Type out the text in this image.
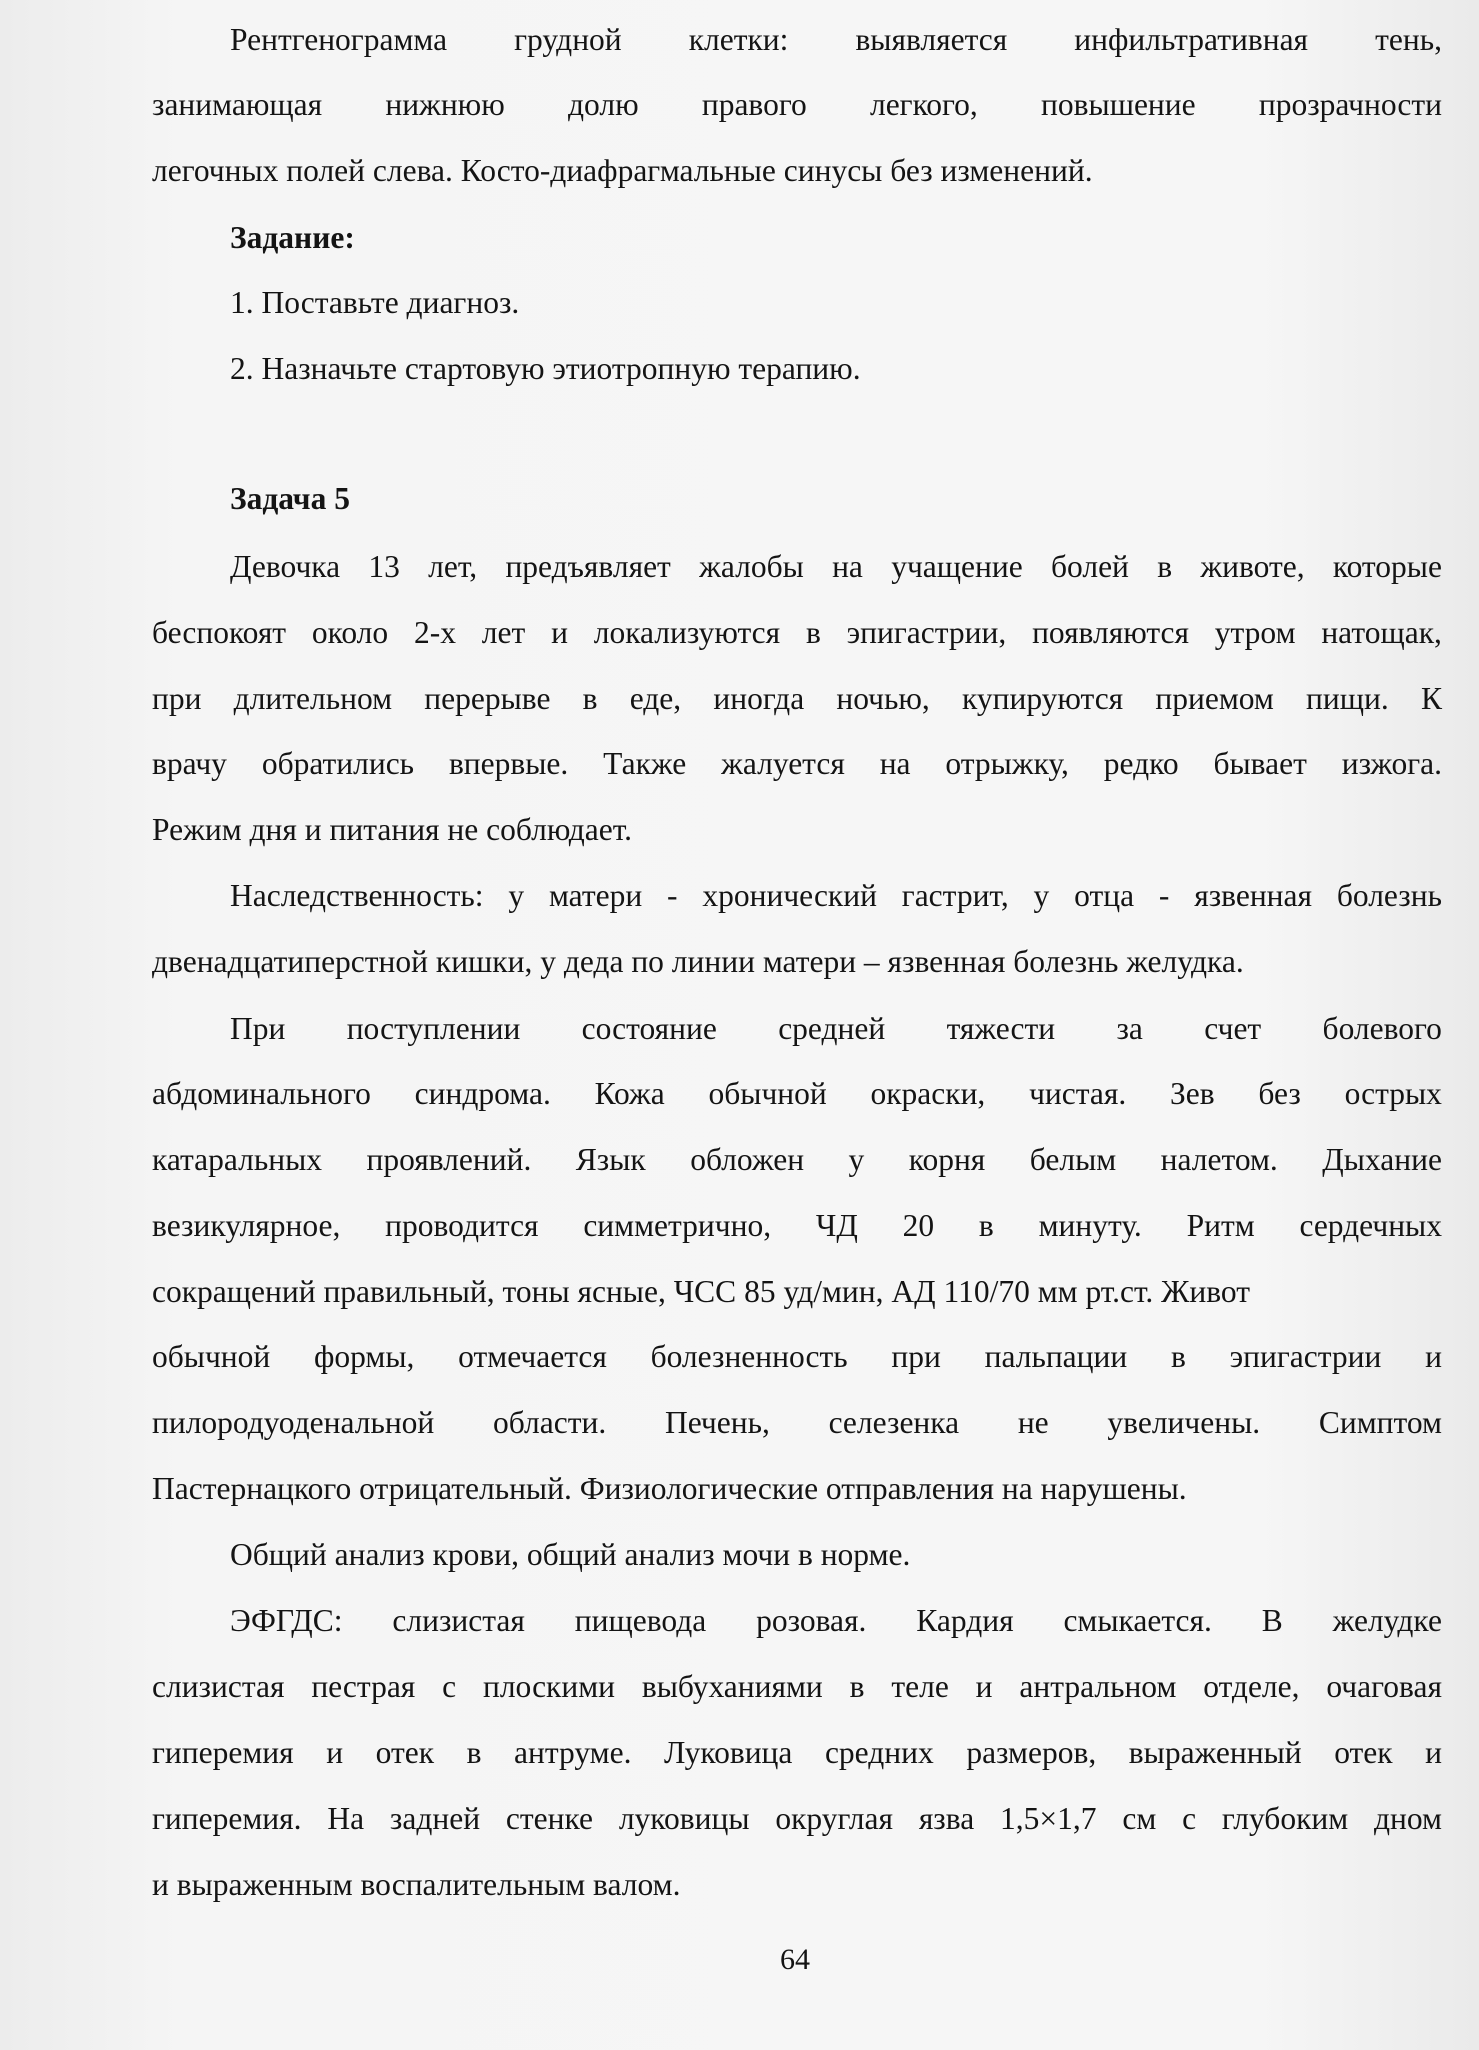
Рентгенограмма грудной клетки: выявляется инфильтративная тень,
занимающая нижнюю долю правого легкого, повышение прозрачности
легочных полей слева. Косто-диафрагмальные синусы без изменений.
Задание:
1. Поставьте диагноз.
2. Назначьте стартовую этиотропную терапию.
Задача 5
Девочка 13 лет, предъявляет жалобы на учащение болей в животе, которые
беспокоят около 2-х лет и локализуются в эпигастрии, появляются утром натощак,
при длительном перерыве в еде, иногда ночью, купируются приемом пищи. К
врачу обратились впервые. Также жалуется на отрыжку, редко бывает изжога.
Режим дня и питания не соблюдает.
Наследственность: у матери - хронический гастрит, у отца - язвенная болезнь
двенадцатиперстной кишки, у деда по линии матери – язвенная болезнь желудка.
При поступлении состояние средней тяжести за счет болевого
абдоминального синдрома. Кожа обычной окраски, чистая. Зев без острых
катаральных проявлений. Язык обложен у корня белым налетом. Дыхание
везикулярное, проводится симметрично, ЧД 20 в минуту. Ритм сердечных
сокращений правильный, тоны ясные, ЧСС 85 уд/мин, АД 110/70 мм рт.ст. Живот
обычной формы, отмечается болезненность при пальпации в эпигастрии и
пилородуоденальной области. Печень, селезенка не увеличены. Симптом
Пастернацкого отрицательный. Физиологические отправления на нарушены.
Общий анализ крови, общий анализ мочи в норме.
ЭФГДС: слизистая пищевода розовая. Кардия смыкается. В желудке
слизистая пестрая с плоскими выбуханиями в теле и антральном отделе, очаговая
гиперемия и отек в антруме. Луковица средних размеров, выраженный отек и
гиперемия. На задней стенке луковицы округлая язва 1,5×1,7 см с глубоким дном
и выраженным воспалительным валом.
64
